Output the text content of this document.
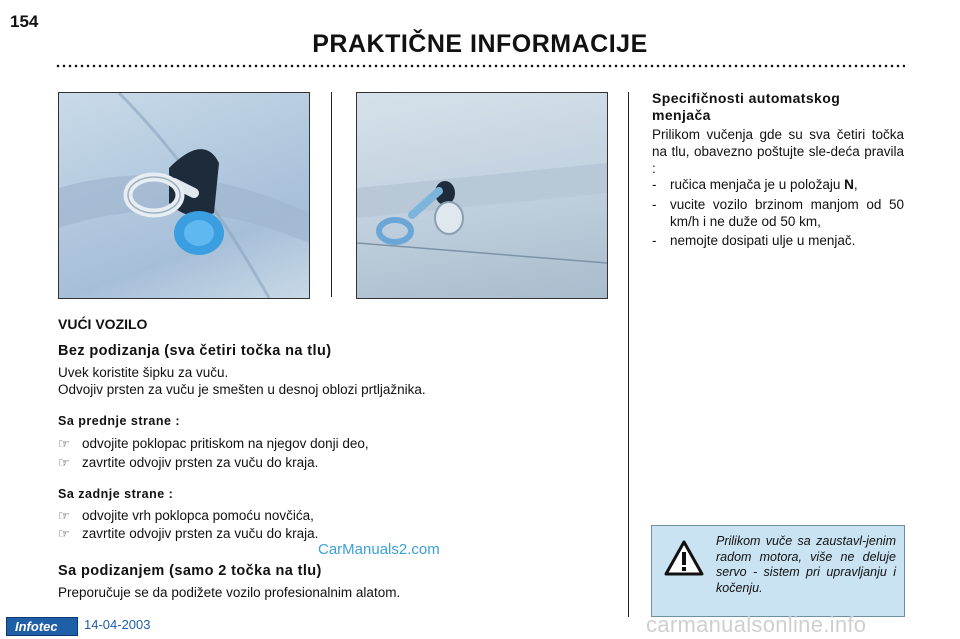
154
PRAKTIČNE INFORMACIJE
VUĆI VOZILO
Bez podizanja (sva četiri točka na tlu)
Uvek koristite šipku za vuču.
Odvojiv prsten za vuču je smešten u desnoj oblozi prtljažnika.
Sa prednje strane :
☞ odvojite poklopac pritiskom na njegov donji deo,
☞ zavrtite odvojiv prsten za vuču do kraja.
Sa zadnje strane :
☞ odvojite vrh poklopca pomoću novčića,
☞ zavrtite odvojiv prsten za vuču do kraja.
CarManuals2.com
Sa podizanjem (samo 2 točka na tlu)
Preporučuje se da podižete vozilo profesionalnim alatom.
Specifičnosti automatskog menjača
Prilikom vučenja gde su sva četiri točka na tlu, obavezno poštujte sle-deća pravila :
- ručica menjača je u položaju N,
- vucite vozilo brzinom manjom od 50 km/h i ne duže od 50 km,
- nemojte dosipati ulje u menjač.
Prilikom vuče sa zaustavl-jenim radom motora, više ne deluje servo - sistem pri upravljanju i kočenju.
Infotec 14-04-2003	carmanualsonline.info
